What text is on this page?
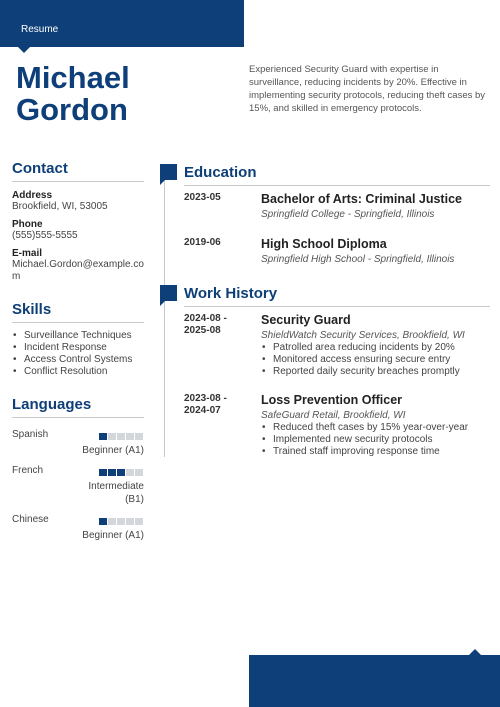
Resume
Michael
Gordon
Experienced Security Guard with expertise in surveillance, reducing incidents by 20%. Effective in implementing security protocols, reducing theft cases by 15%, and skilled in emergency protocols.
Contact
Address
Brookfield, WI, 53005
Phone
(555)555-5555
E-mail
Michael.Gordon@example.com
Skills
• Surveillance Techniques
• Incident Response
• Access Control Systems
• Conflict Resolution
Languages
Spanish
Beginner (A1)
French
Intermediate (B1)
Chinese
Beginner (A1)
Education
2023-05	Bachelor of Arts: Criminal Justice
Springfield College - Springfield, Illinois
2019-06	High School Diploma
Springfield High School - Springfield, Illinois
Work History
2024-08 -
2025-08
Security Guard
ShieldWatch Security Services, Brookfield, WI
• Patrolled area reducing incidents by 20%
• Monitored access ensuring secure entry
• Reported daily security breaches promptly
2023-08 -
2024-07
Loss Prevention Officer
SafeGuard Retail, Brookfield, WI
• Reduced theft cases by 15% year-over-year
• Implemented new security protocols
• Trained staff improving response time
